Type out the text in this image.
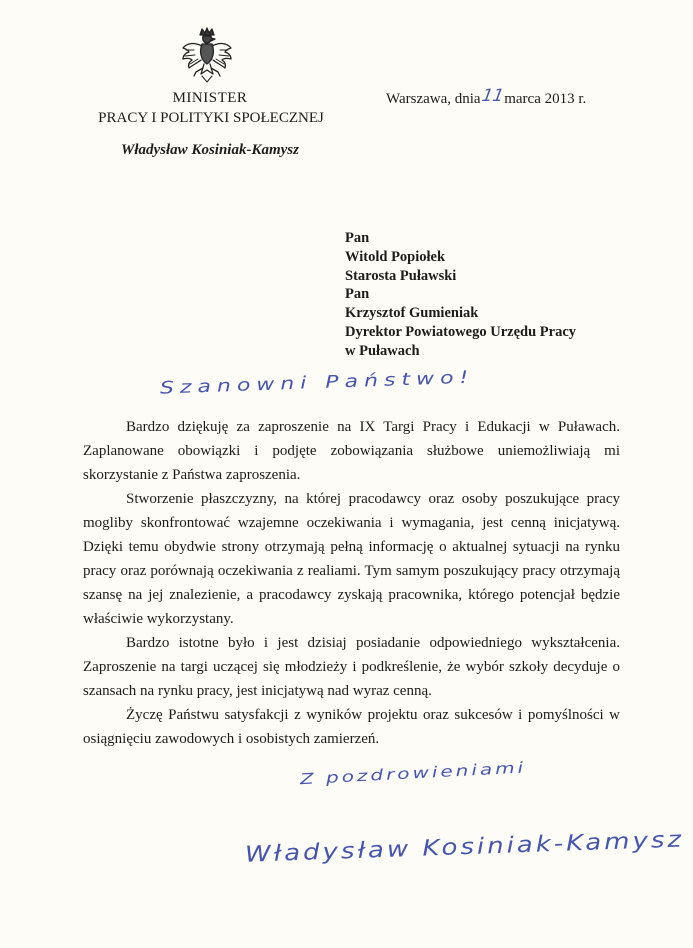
MINISTER
PRACY I POLITYKI SPOŁECZNEJ
Władysław Kosiniak-Kamysz
Warszawa, dnia11marca 2013 r.
Pan
Witold Popiołek
Starosta Puławski
Pan
Krzysztof Gumieniak
Dyrektor Powiatowego Urzędu Pracy
w Puławach
Szanowni Państwo!

Bardzo dziękuję za zaproszenie na IX Targi Pracy i Edukacji w Puławach. Zaplanowane obowiązki i podjęte zobowiązania służbowe uniemożliwiają mi skorzystanie z Państwa zaproszenia.

Stworzenie płaszczyzny, na której pracodawcy oraz osoby poszukujące pracy mogliby skonfrontować wzajemne oczekiwania i wymagania, jest cenną inicjatywą. Dzięki temu obydwie strony otrzymają pełną informację o aktualnej sytuacji na rynku pracy oraz porównają oczekiwania z realiami. Tym samym poszukujący pracy otrzymają szansę na jej znalezienie, a pracodawcy zyskają pracownika, którego potencjał będzie właściwie wykorzystany.

Bardzo istotne było i jest dzisiaj posiadanie odpowiedniego wykształcenia. Zaproszenie na targi uczącej się młodzieży i podkreślenie, że wybór szkoły decyduje o szansach na rynku pracy, jest inicjatywą nad wyraz cenną.

Życzę Państwu satysfakcji z wyników projektu oraz sukcesów i pomyślności w osiągnięciu zawodowych i osobistych zamierzeń.

Z pozdrowieniami
Władysław Kosiniak-Kamysz
